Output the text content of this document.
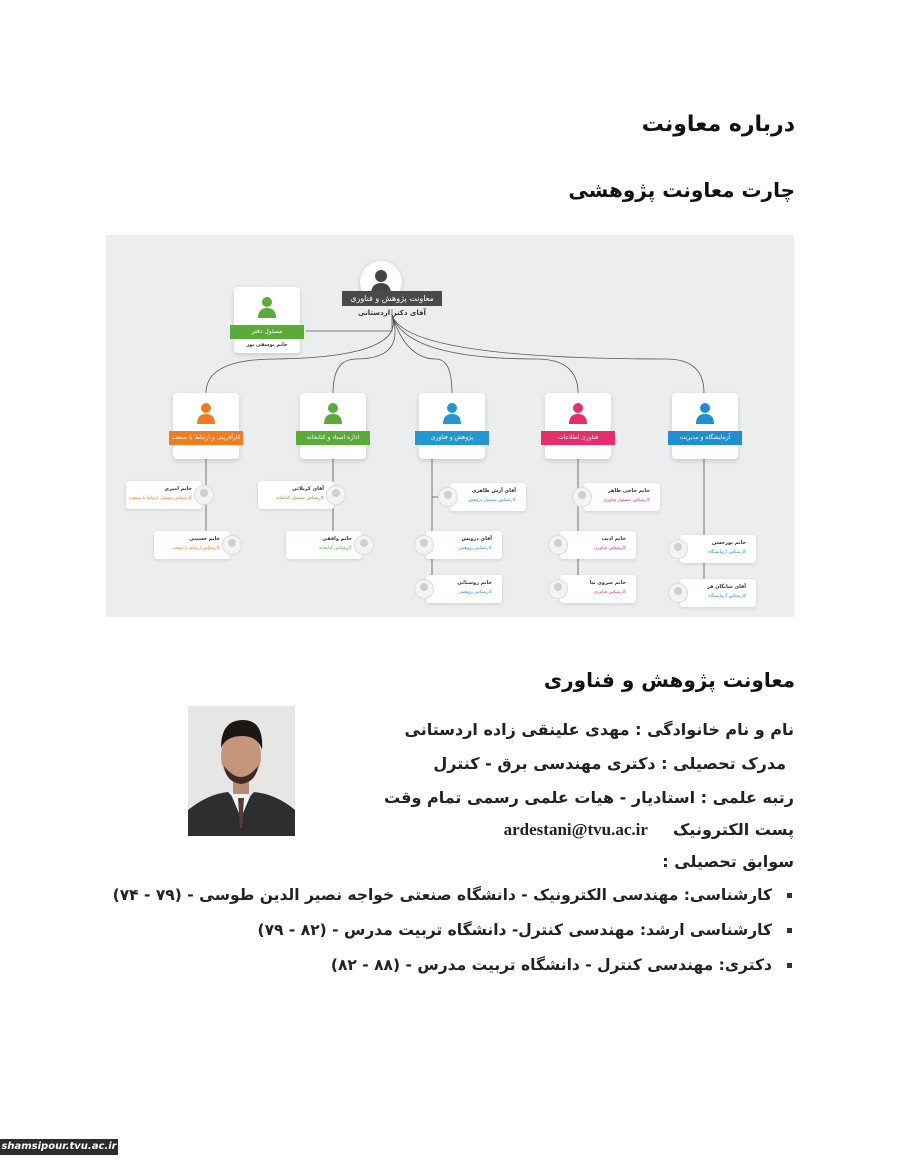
درباره معاونت
چارت معاونت پژوهشی
معاونت پژوهش و فناوری
آقای دکتر اردستانی
مسئول دفتر
خانم یوسفی پور
کارآفرینی و ارتباط با صنعت	اداره اسناد و کتابخانه	پژوهش و فناوری	فناوری اطلاعات	آزمایشگاه و مدیریت
خانم امیری
کارشناس مسئول ارتباط با صنعت
خانم حسینی
کارشناس ارتباط با صنعت
آقای کربلائی
کارشناس مسئول کتابخانه
خانم واقفی
کارشناس کتابخانه
آقای آرش طاهری
کارشناس مسئول پژوهش
آقای درویش
کارشناس پژوهش
خانم روستائی
کارشناس پژوهش
خانم حاجی طاهر
کارشناس مسئول فناوری
خانم ادیب
کارشناس فناوری
خانم سروی نیا
کارشناس فناوری
خانم پورحسن
کارشناس آزمایشگاه
آقای شایگان فر
کارشناس آزمایشگاه
معاونت پژوهش و فناوری
نام و نام خانوادگی : مهدی علینقی زاده اردستانی
مدرک تحصیلی : دکتری مهندسی برق - کنترل
رتبه علمی : استادیار - هیات علمی رسمی تمام وقت
پست الکترونیک  ardestani@tvu.ac.ir
سوابق تحصیلی :
کارشناسی: مهندسی الکترونیک - دانشگاه صنعتی خواجه نصیر الدین طوسی - (۷۹ - ۷۴)
کارشناسی ارشد: مهندسی کنترل- دانشگاه تربیت مدرس - (۸۲ - ۷۹)
دکتری: مهندسی کنترل - دانشگاه تربیت مدرس - (۸۸ - ۸۲)
shamsipour.tvu.ac.ir
